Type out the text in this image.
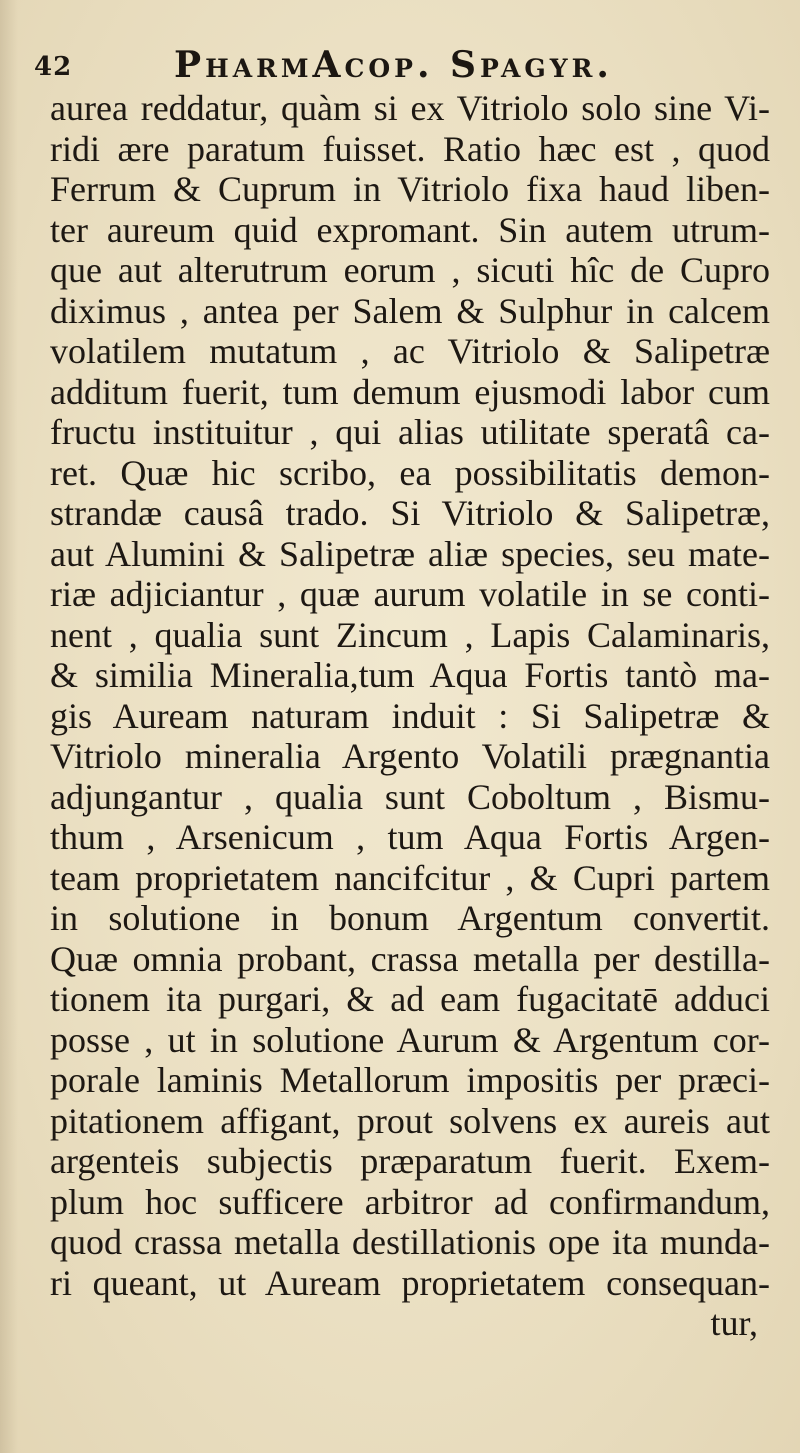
42	PharmAcop. Spagyr.
aurea reddatur, quàm si ex Vitriolo solo sine Vi-
ridi ære paratum fuisset. Ratio hæc est , quod
Ferrum & Cuprum in Vitriolo fixa haud liben-
ter aureum quid expromant. Sin autem utrum-
que aut alterutrum eorum , sicuti hîc de Cupro
diximus , antea per Salem & Sulphur in calcem
volatilem mutatum , ac Vitriolo & Salipetræ
additum fuerit, tum demum ejusmodi labor cum
fructu instituitur , qui alias utilitate speratâ ca-
ret. Quæ hic scribo, ea possibilitatis demon-
strandæ causâ trado. Si Vitriolo & Salipetræ,
aut Alumini & Salipetræ aliæ species, seu mate-
riæ adjiciantur , quæ aurum volatile in se conti-
nent , qualia sunt Zincum , Lapis Calaminaris,
& similia Mineralia,tum Aqua Fortis tantò ma-
gis Auream naturam induit : Si Salipetræ &
Vitriolo mineralia Argento Volatili prægnantia
adjungantur , qualia sunt Coboltum , Bismu-
thum , Arsenicum , tum Aqua Fortis Argen-
team proprietatem nancifcitur , & Cupri partem
in solutione in bonum Argentum convertit.
Quæ omnia probant, crassa metalla per destilla-
tionem ita purgari, & ad eam fugacitatē adduci
posse , ut in solutione Aurum & Argentum cor-
porale laminis Metallorum impositis per præci-
pitationem affigant, prout solvens ex aureis aut
argenteis subjectis præparatum fuerit. Exem-
plum hoc sufficere arbitror ad confirmandum,
quod crassa metalla destillationis ope ita munda-
ri queant, ut Auream proprietatem consequan-
tur,
